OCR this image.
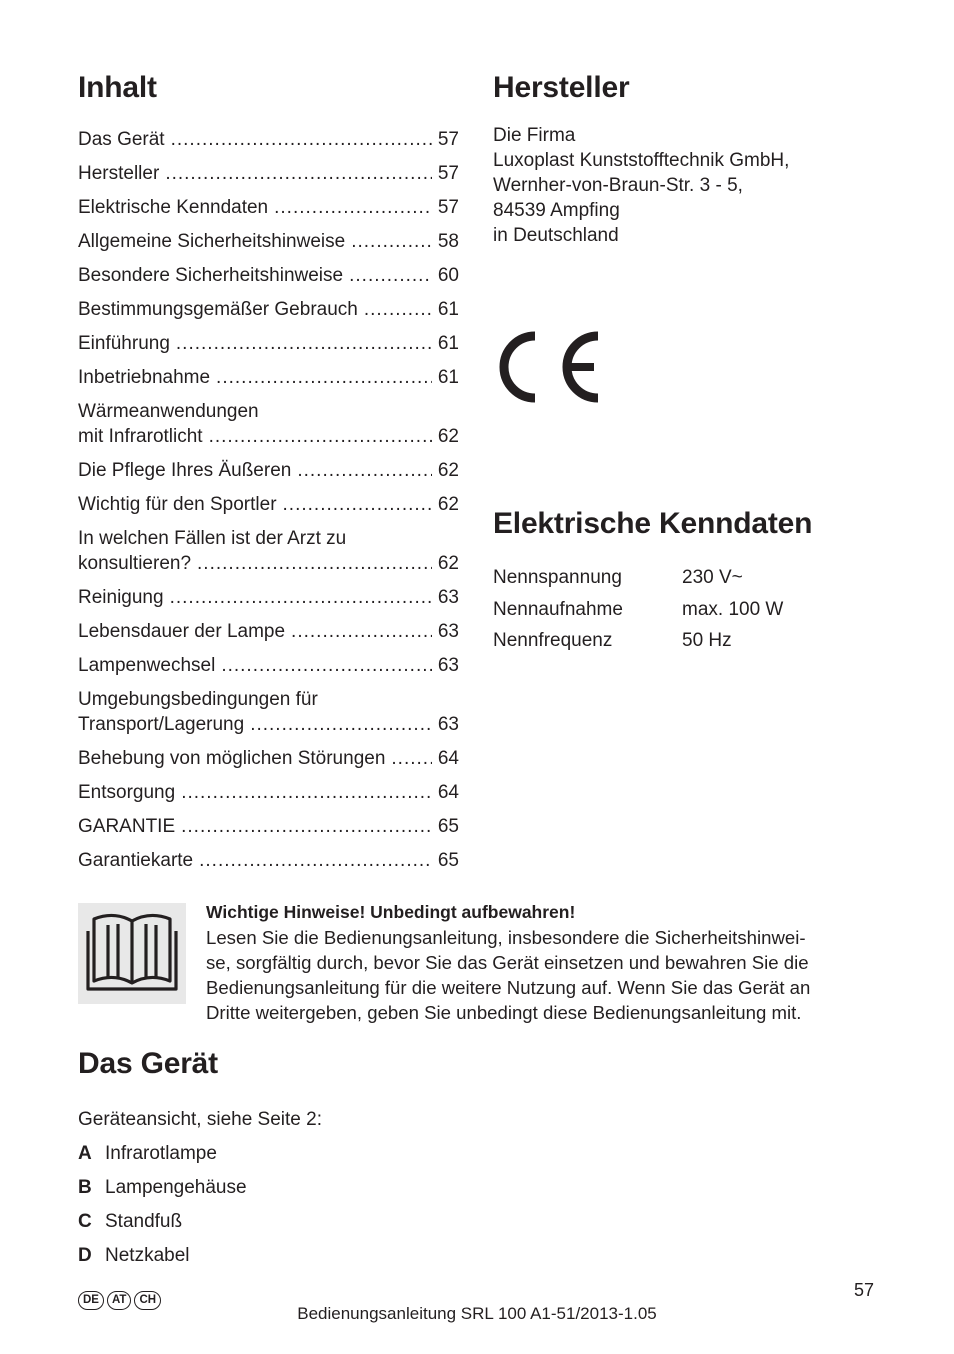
Inhalt
Das Gerät .....	57
Hersteller .....	57
Elektrische Kenndaten .....	57
Allgemeine Sicherheitshinweise .....	58
Besondere Sicherheitshinweise .....	60
Bestimmungsgemäßer Gebrauch .....	61
Einführung .....	61
Inbetriebnahme .....	61
Wärmeanwendungen
mit Infrarotlicht .....	62
Die Pflege Ihres Äußeren .....	62
Wichtig für den Sportler .....	62
In welchen Fällen ist der Arzt zu
konsultieren? .....	62
Reinigung .....	63
Lebensdauer der Lampe .....	63
Lampenwechsel .....	63
Umgebungsbedingungen für
Transport/Lagerung .....	63
Behebung von möglichen Störungen .....	64
Entsorgung .....	64
GARANTIE .....	65
Garantiekarte .....	65
Hersteller
Die Firma
Luxoplast Kunststofftechnik GmbH,
Wernher-von-Braun-Str. 3 - 5,
84539 Ampfing
in Deutschland
Elektrische Kenndaten
Nennspannung	230 V~
Nennaufnahme	max. 100 W
Nennfrequenz	50 Hz
Wichtige Hinweise! Unbedingt aufbewahren!
Lesen Sie die Bedienungsanleitung, insbesondere die Sicherheitshinwei-
se, sorgfältig durch, bevor Sie das Gerät einsetzen und bewahren Sie die
Bedienungsanleitung für die weitere Nutzung auf. Wenn Sie das Gerät an
Dritte weitergeben, geben Sie unbedingt diese Bedienungsanleitung mit.
Das Gerät
Geräteansicht, siehe Seite 2:
A Infrarotlampe
B Lampengehäuse
C Standfuß
D Netzkabel
DE AT CH	57
Bedienungsanleitung SRL 100 A1-51/2013-1.05
